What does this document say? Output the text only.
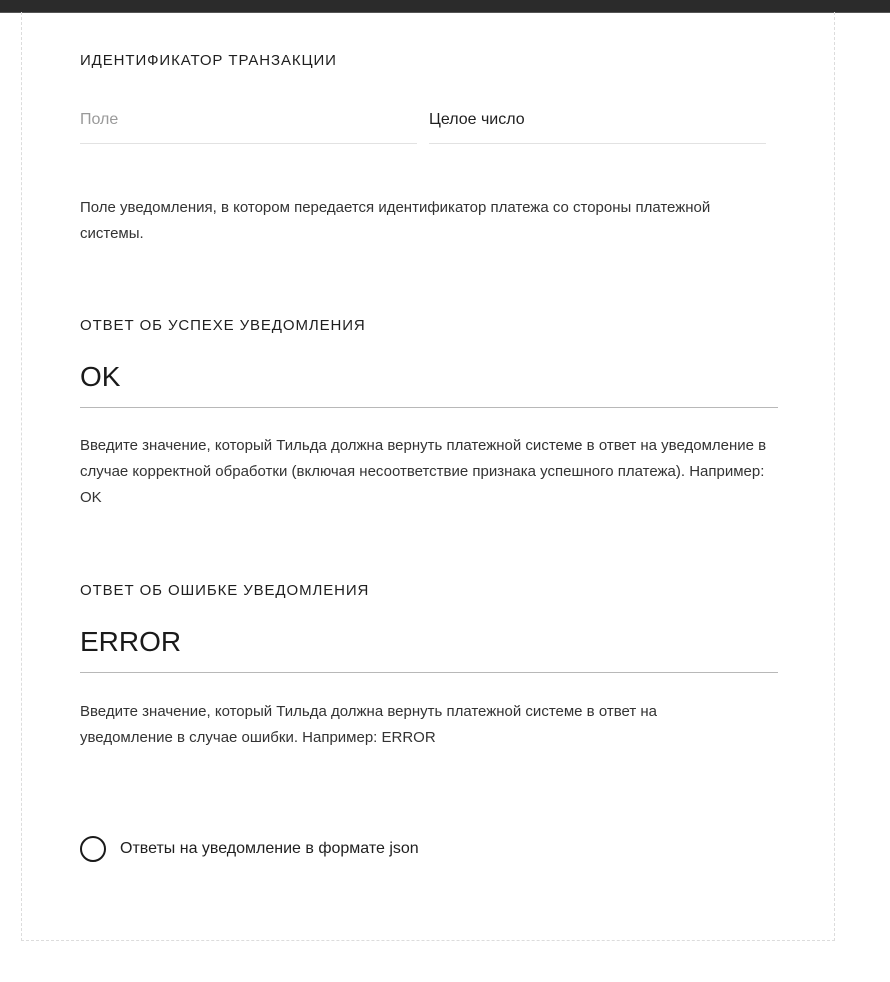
ИДЕНТИФИКАТОР ТРАНЗАКЦИИ
Поле	Целое число
Поле уведомления, в котором передается идентификатор платежа со стороны платежной системы.
ОТВЕТ ОБ УСПЕХЕ УВЕДОМЛЕНИЯ
OK
Введите значение, который Тильда должна вернуть платежной системе в ответ на уведомление в случае корректной обработки (включая несоответствие признака успешного платежа). Например: OK
ОТВЕТ ОБ ОШИБКЕ УВЕДОМЛЕНИЯ
ERROR
Введите значение, который Тильда должна вернуть платежной системе в ответ на уведомление в случае ошибки. Например: ERROR
Ответы на уведомление в формате json
